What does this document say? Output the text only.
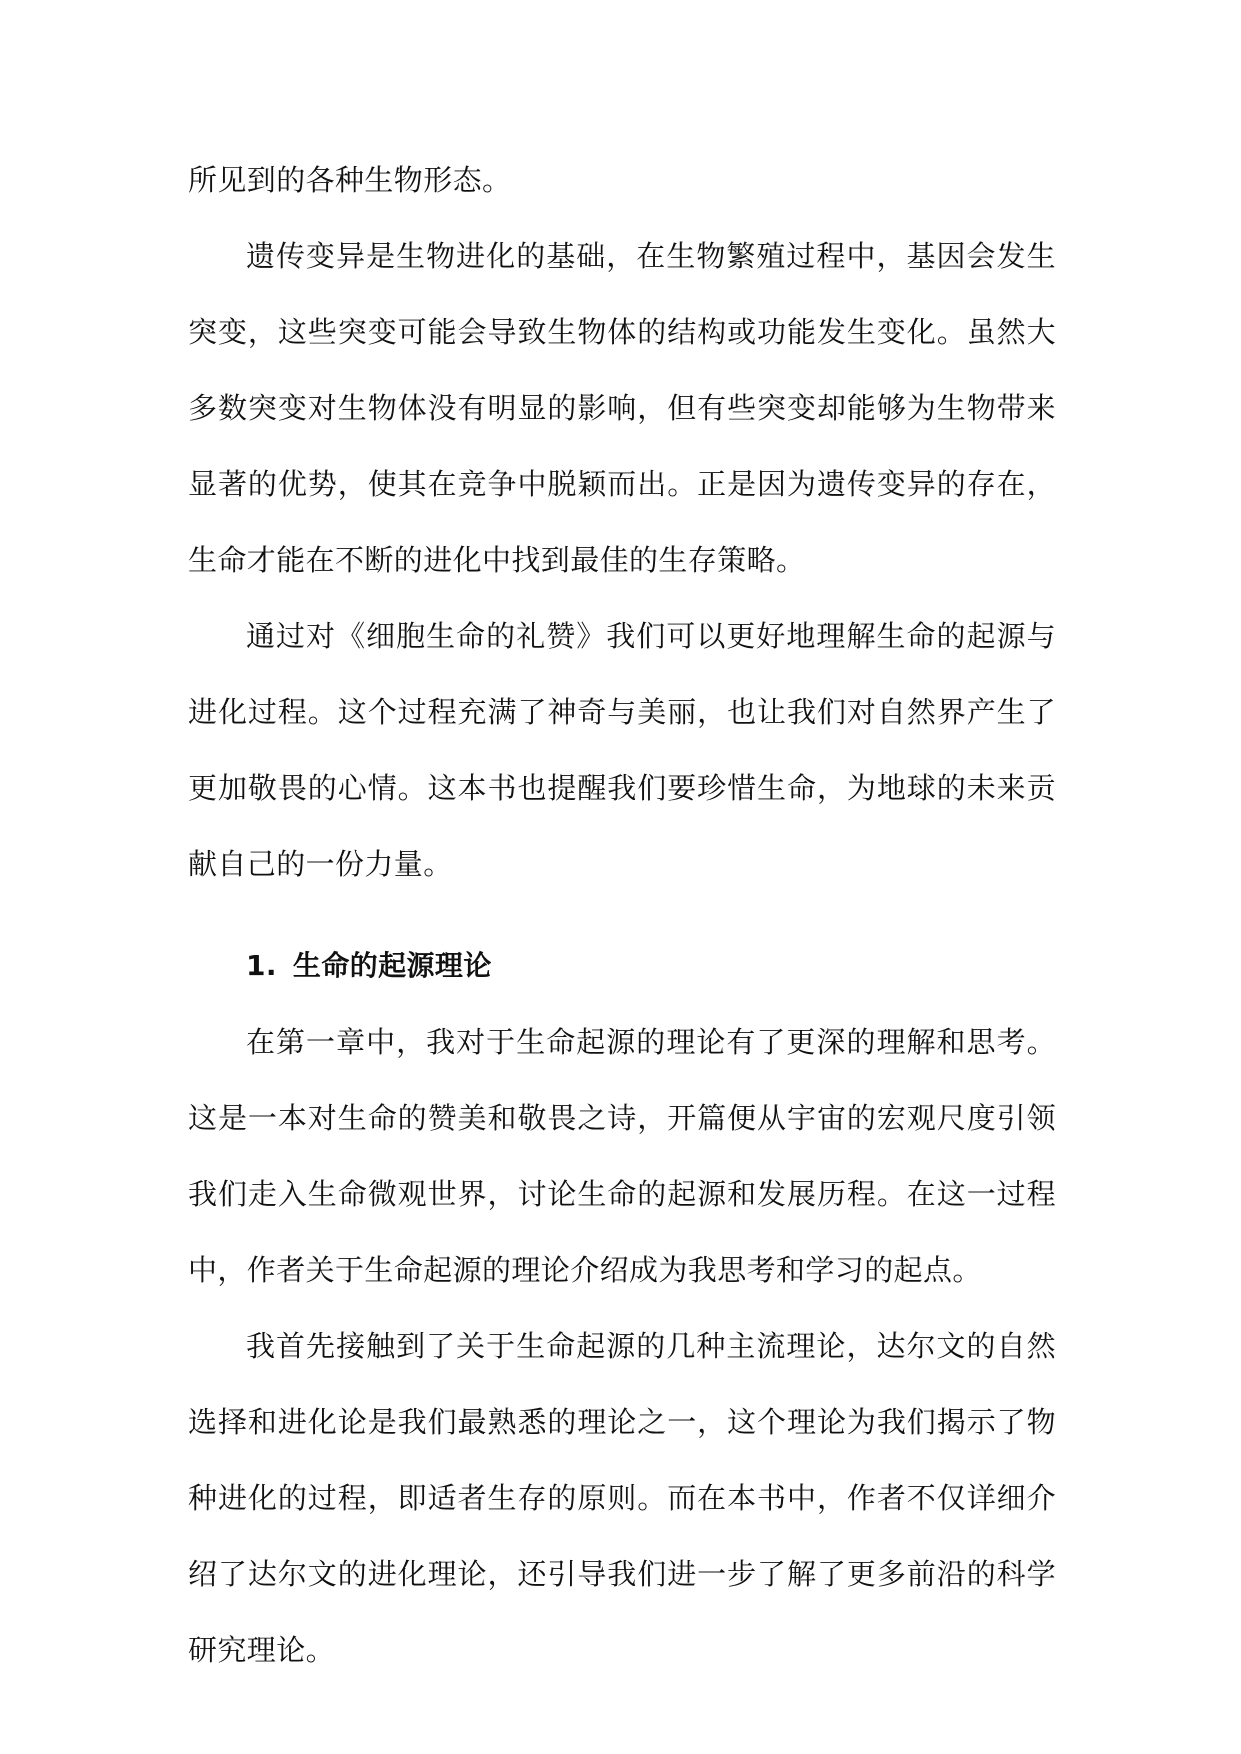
所见到的各种生物形态。

遗传变异是生物进化的基础，在生物繁殖过程中，基因会发生突变，这些突变可能会导致生物体的结构或功能发生变化。虽然大多数突变对生物体没有明显的影响，但有些突变却能够为生物带来显著的优势，使其在竞争中脱颖而出。正是因为遗传变异的存在，生命才能在不断的进化中找到最佳的生存策略。

通过对《细胞生命的礼赞》我们可以更好地理解生命的起源与进化过程。这个过程充满了神奇与美丽，也让我们对自然界产生了更加敬畏的心情。这本书也提醒我们要珍惜生命，为地球的未来贡献自己的一份力量。

1. 生命的起源理论

在第一章中，我对于生命起源的理论有了更深的理解和思考。这是一本对生命的赞美和敬畏之诗，开篇便从宇宙的宏观尺度引领我们走入生命微观世界，讨论生命的起源和发展历程。在这一过程中，作者关于生命起源的理论介绍成为我思考和学习的起点。

我首先接触到了关于生命起源的几种主流理论，达尔文的自然选择和进化论是我们最熟悉的理论之一，这个理论为我们揭示了物种进化的过程，即适者生存的原则。而在本书中，作者不仅详细介绍了达尔文的进化理论，还引导我们进一步了解了更多前沿的科学研究理论。
